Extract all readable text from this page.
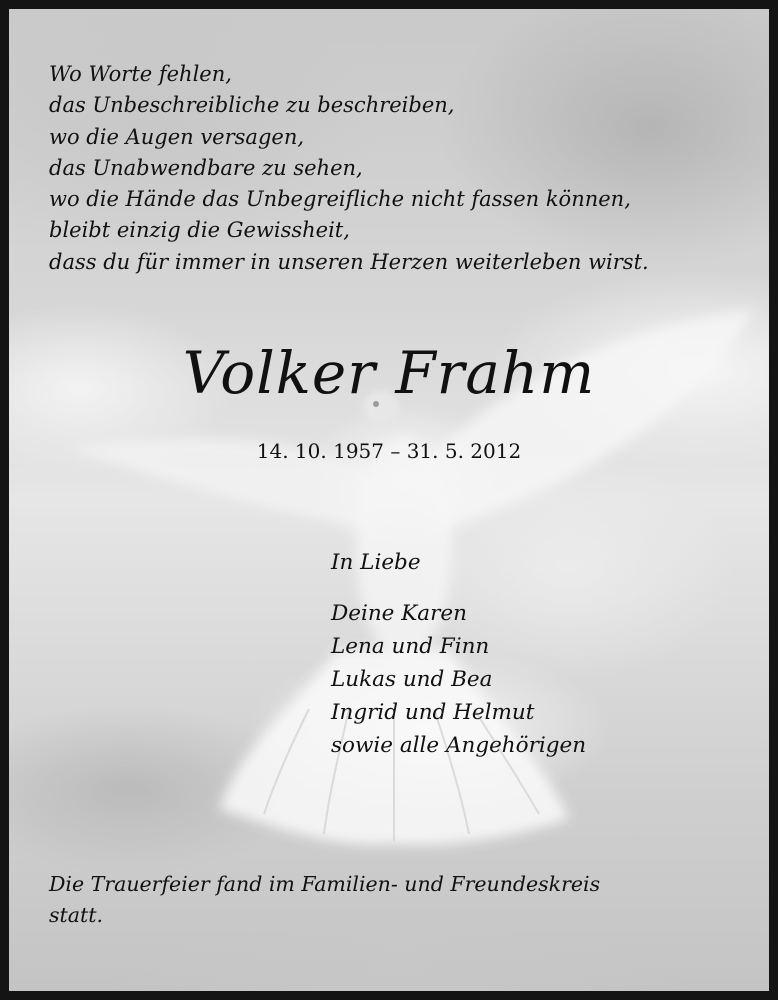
Wo Worte fehlen,
das Unbeschreibliche zu beschreiben,
wo die Augen versagen,
das Unabwendbare zu sehen,
wo die Hände das Unbegreifliche nicht fassen können,
bleibt einzig die Gewissheit,
dass du für immer in unseren Herzen weiterleben wirst.
Volker Frahm
14. 10. 1957 – 31. 5. 2012
In Liebe
Deine Karen
Lena und Finn
Lukas und Bea
Ingrid und Helmut
sowie alle Angehörigen
Die Trauerfeier fand im Familien- und Freundeskreis
statt.
